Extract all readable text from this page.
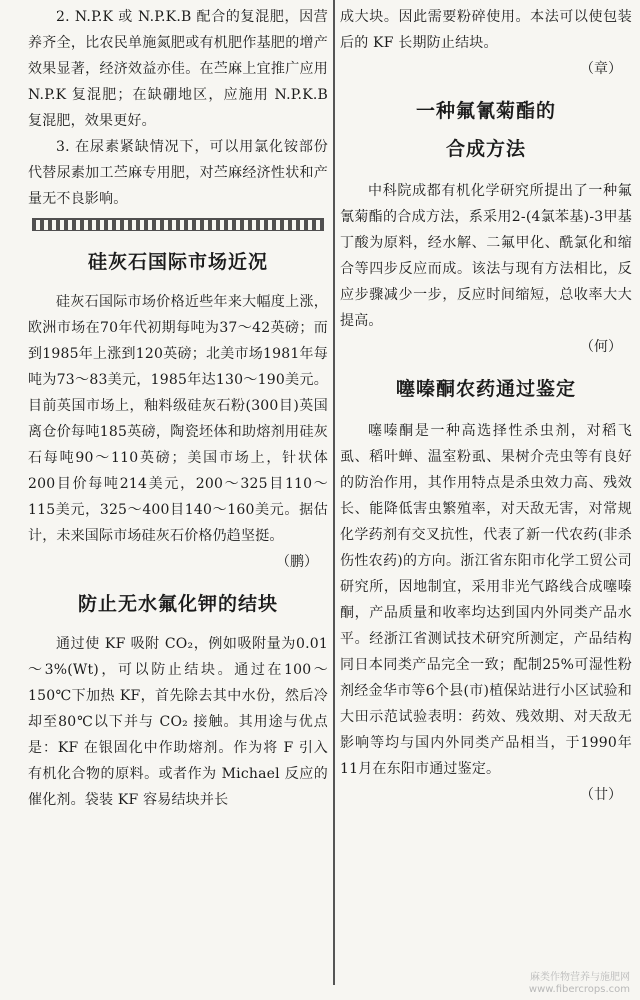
2. N.P.K 或 N.P.K.B 配合的复混肥，因营养齐全，比农民单施氮肥或有机肥作基肥的增产效果显著，经济效益亦佳。在苎麻上宜推广应用 N.P.K 复混肥；在缺硼地区，应施用 N.P.K.B 复混肥，效果更好。

3. 在尿素紧缺情况下，可以用氯化铵部份代替尿素加工苎麻专用肥，对苎麻经济性状和产量无不良影响。

硅灰石国际市场近况

硅灰石国际市场价格近些年来大幅度上涨，欧洲市场在70年代初期每吨为37～42英磅；而到1985年上涨到120英磅；北美市场1981年每吨为73～83美元，1985年达130～190美元。目前英国市场上，釉料级硅灰石粉(300目)英国离仓价每吨185英磅，陶瓷坯体和助熔剂用硅灰石每吨90～110英磅；美国市场上，针状体200目价每吨214美元，200～325目110～115美元，325～400目140～160美元。据估计，未来国际市场硅灰石价格仍趋坚挺。

（鹏）
防止无水氟化钾的结块

通过使 KF 吸附 CO₂，例如吸附量为0.01～3%(Wt)，可以防止结块。通过在100～150℃下加热 KF，首先除去其中水份，然后冷却至80℃以下并与 CO₂ 接触。其用途与优点是：KF 在银固化中作助熔剂。作为将 F 引入有机化合物的原料。或者作为 Michael 反应的催化剂。袋装 KF 容易结块并长

成大块。因此需要粉碎使用。本法可以使包装后的 KF 长期防止结块。

（章）
一种氟氰菊酯的
合成方法

中科院成都有机化学研究所提出了一种氟氰菊酯的合成方法，系采用2-(4氯苯基)-3甲基丁酸为原料，经水解、二氟甲化、酰氯化和缩合等四步反应而成。该法与现有方法相比，反应步骤减少一步，反应时间缩短，总收率大大提高。

（何）
噻嗪酮农药通过鉴定

噻嗪酮是一种高选择性杀虫剂，对稻飞虱、稻叶蝉、温室粉虱、果树介壳虫等有良好的防治作用，其作用特点是杀虫效力高、残效长、能降低害虫繁殖率，对天敌无害，对常规化学药剂有交叉抗性，代表了新一代农药(非杀伤性农药)的方向。浙江省东阳市化学工贸公司研究所，因地制宜，采用非光气路线合成噻嗪酮，产品质量和收率均达到国内外同类产品水平。经浙江省测试技术研究所测定，产品结构同日本同类产品完全一致；配制25%可湿性粉剂经金华市等6个县(市)植保站进行小区试验和大田示范试验表明：药效、残效期、对天敌无影响等均与国内外同类产品相当，于1990年11月在东阳市通过鉴定。

（廿）
麻类作物营养与施肥网
www.fibercrops.com
